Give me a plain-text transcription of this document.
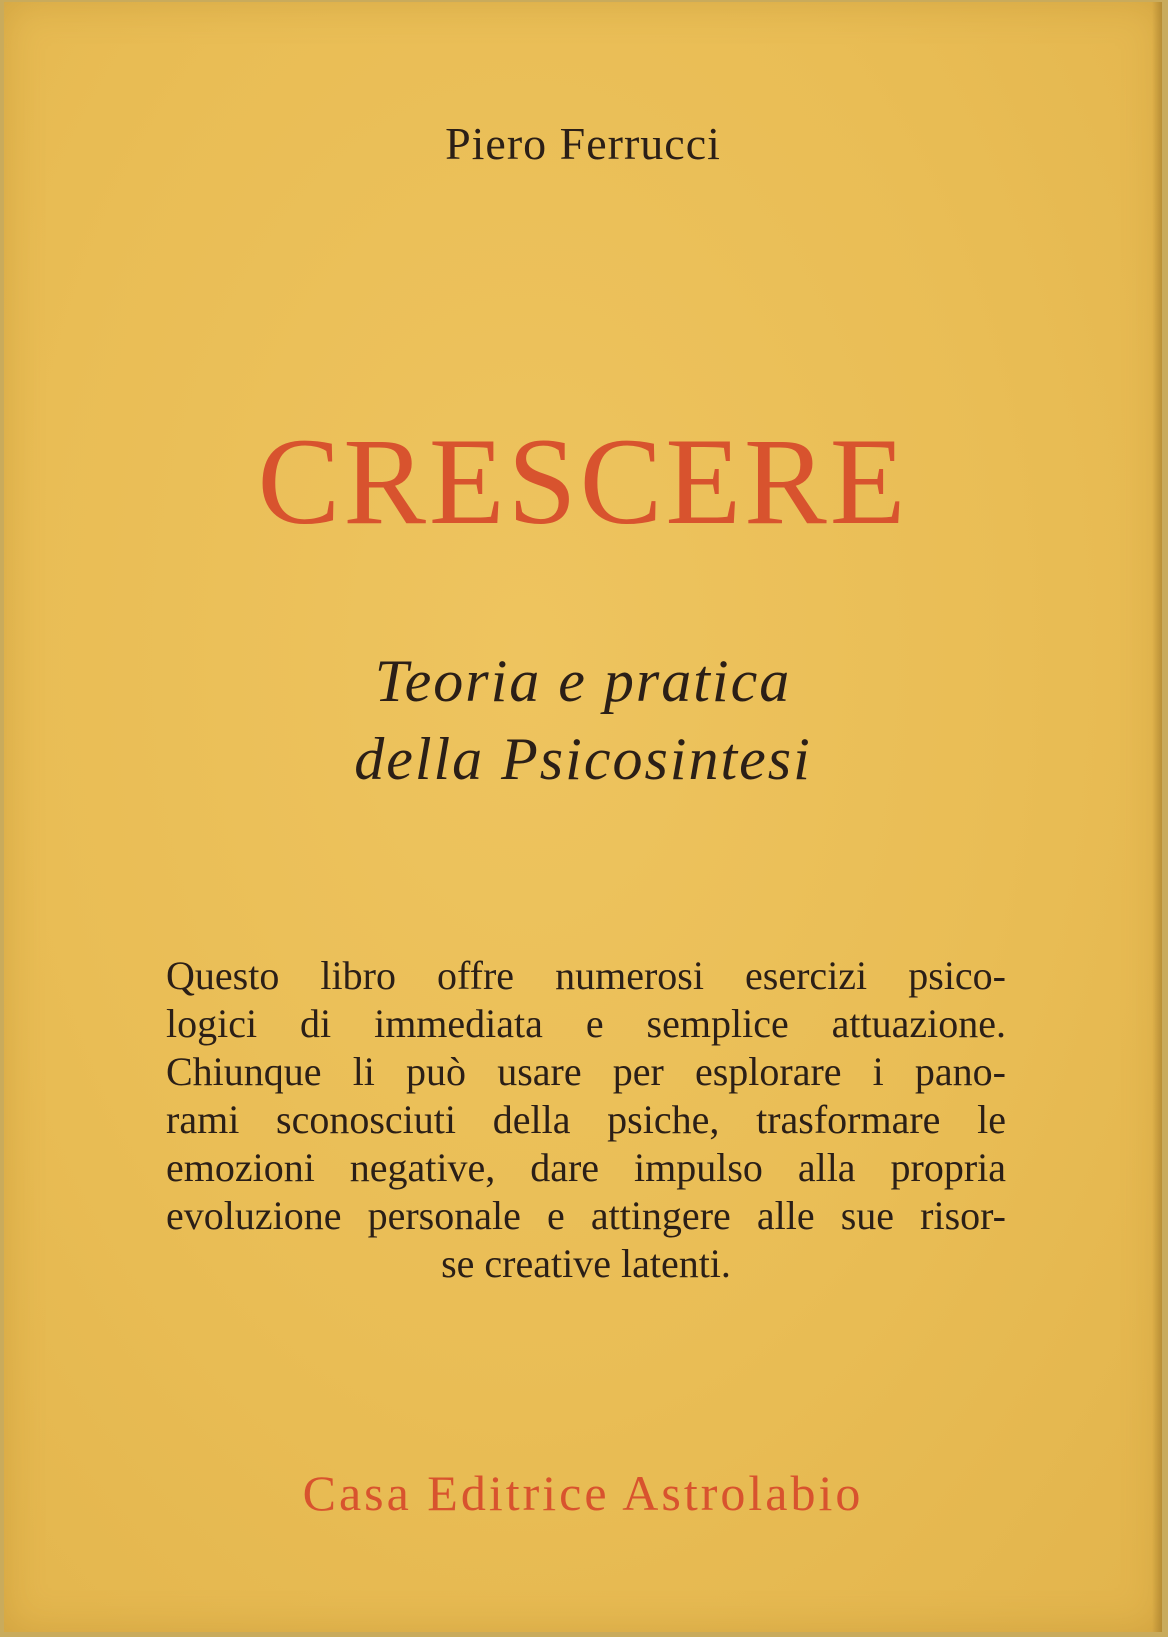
Piero Ferrucci
CRESCERE
Teoria e pratica
della Psicosintesi
Questo libro offre numerosi esercizi psico-
logici di immediata e semplice attuazione.
Chiunque li può usare per esplorare i pano-
rami sconosciuti della psiche, trasformare le
emozioni negative, dare impulso alla propria
evoluzione personale e attingere alle sue risor-
se creative latenti.
Casa Editrice Astrolabio
